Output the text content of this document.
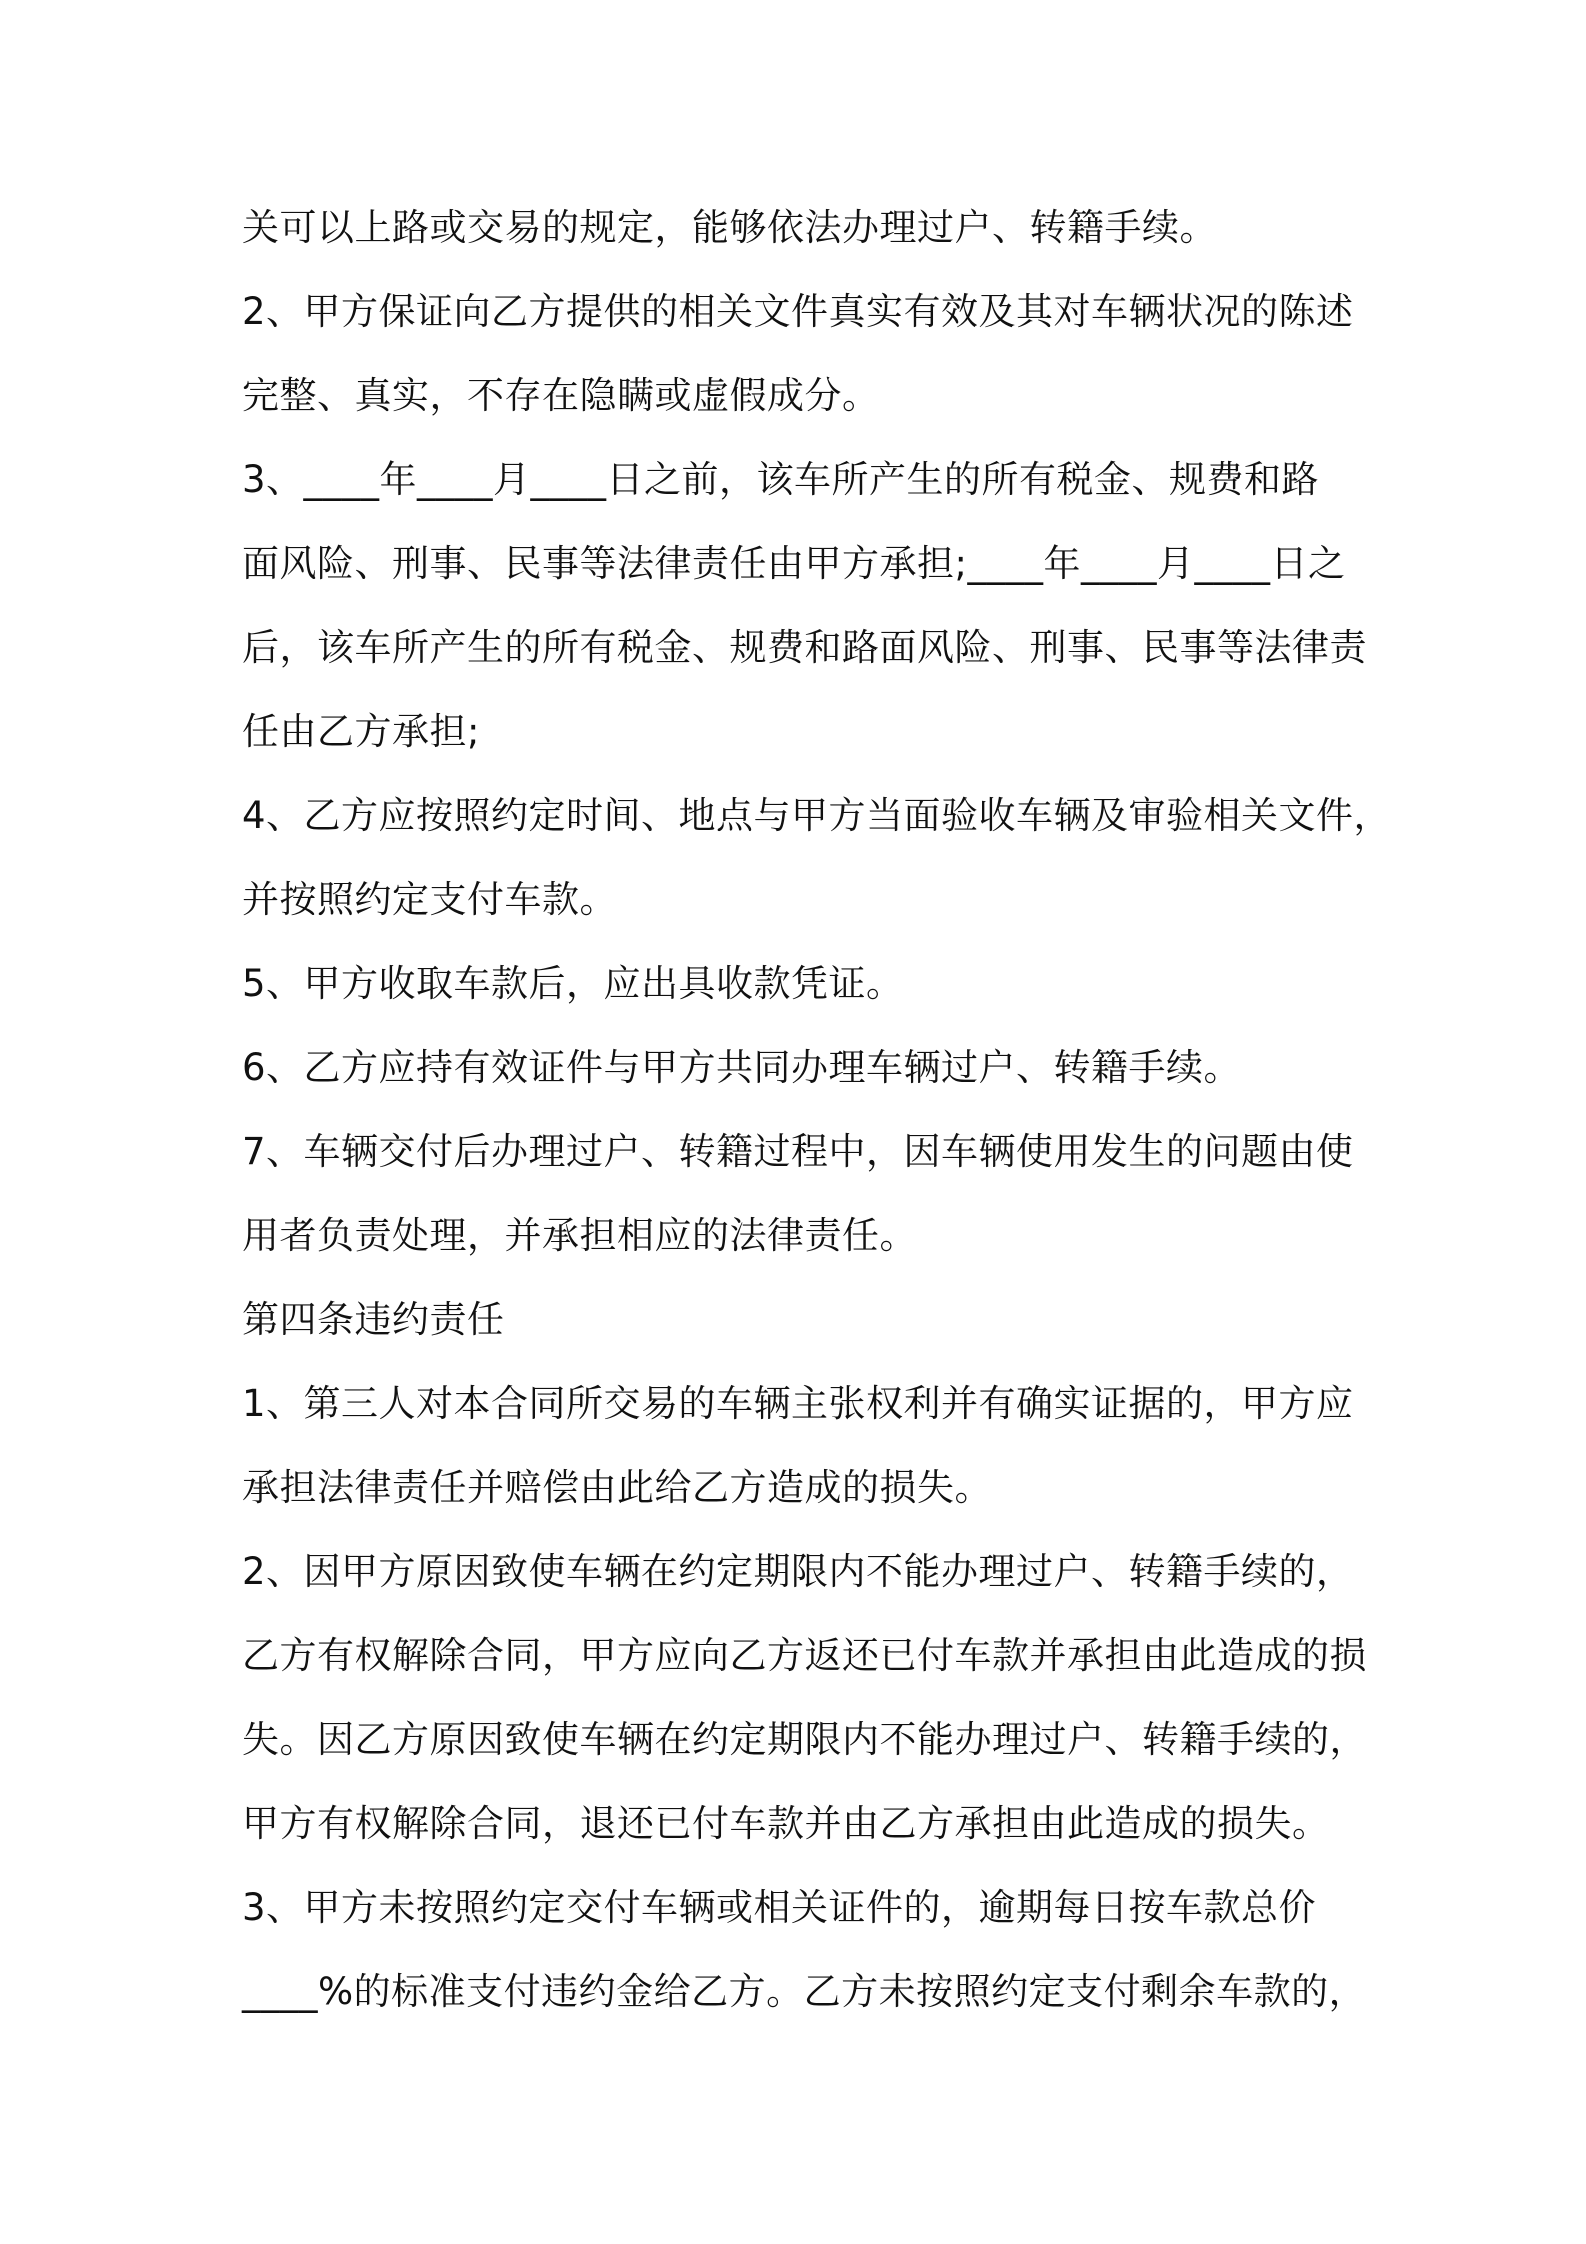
关可以上路或交易的规定，能够依法办理过户、转籍手续。
2、甲方保证向乙方提供的相关文件真实有效及其对车辆状况的陈述
完整、真实，不存在隐瞒或虚假成分。
3、____年____月____日之前，该车所产生的所有税金、规费和路
面风险、刑事、民事等法律责任由甲方承担;____年____月____日之
后，该车所产生的所有税金、规费和路面风险、刑事、民事等法律责
任由乙方承担;
4、乙方应按照约定时间、地点与甲方当面验收车辆及审验相关文件，
并按照约定支付车款。
5、甲方收取车款后，应出具收款凭证。
6、乙方应持有效证件与甲方共同办理车辆过户、转籍手续。
7、车辆交付后办理过户、转籍过程中，因车辆使用发生的问题由使
用者负责处理，并承担相应的法律责任。
第四条违约责任
1、第三人对本合同所交易的车辆主张权利并有确实证据的，甲方应
承担法律责任并赔偿由此给乙方造成的损失。
2、因甲方原因致使车辆在约定期限内不能办理过户、转籍手续的，
乙方有权解除合同，甲方应向乙方返还已付车款并承担由此造成的损
失。因乙方原因致使车辆在约定期限内不能办理过户、转籍手续的，
甲方有权解除合同，退还已付车款并由乙方承担由此造成的损失。
3、甲方未按照约定交付车辆或相关证件的，逾期每日按车款总价
____%的标准支付违约金给乙方。乙方未按照约定支付剩余车款的，
